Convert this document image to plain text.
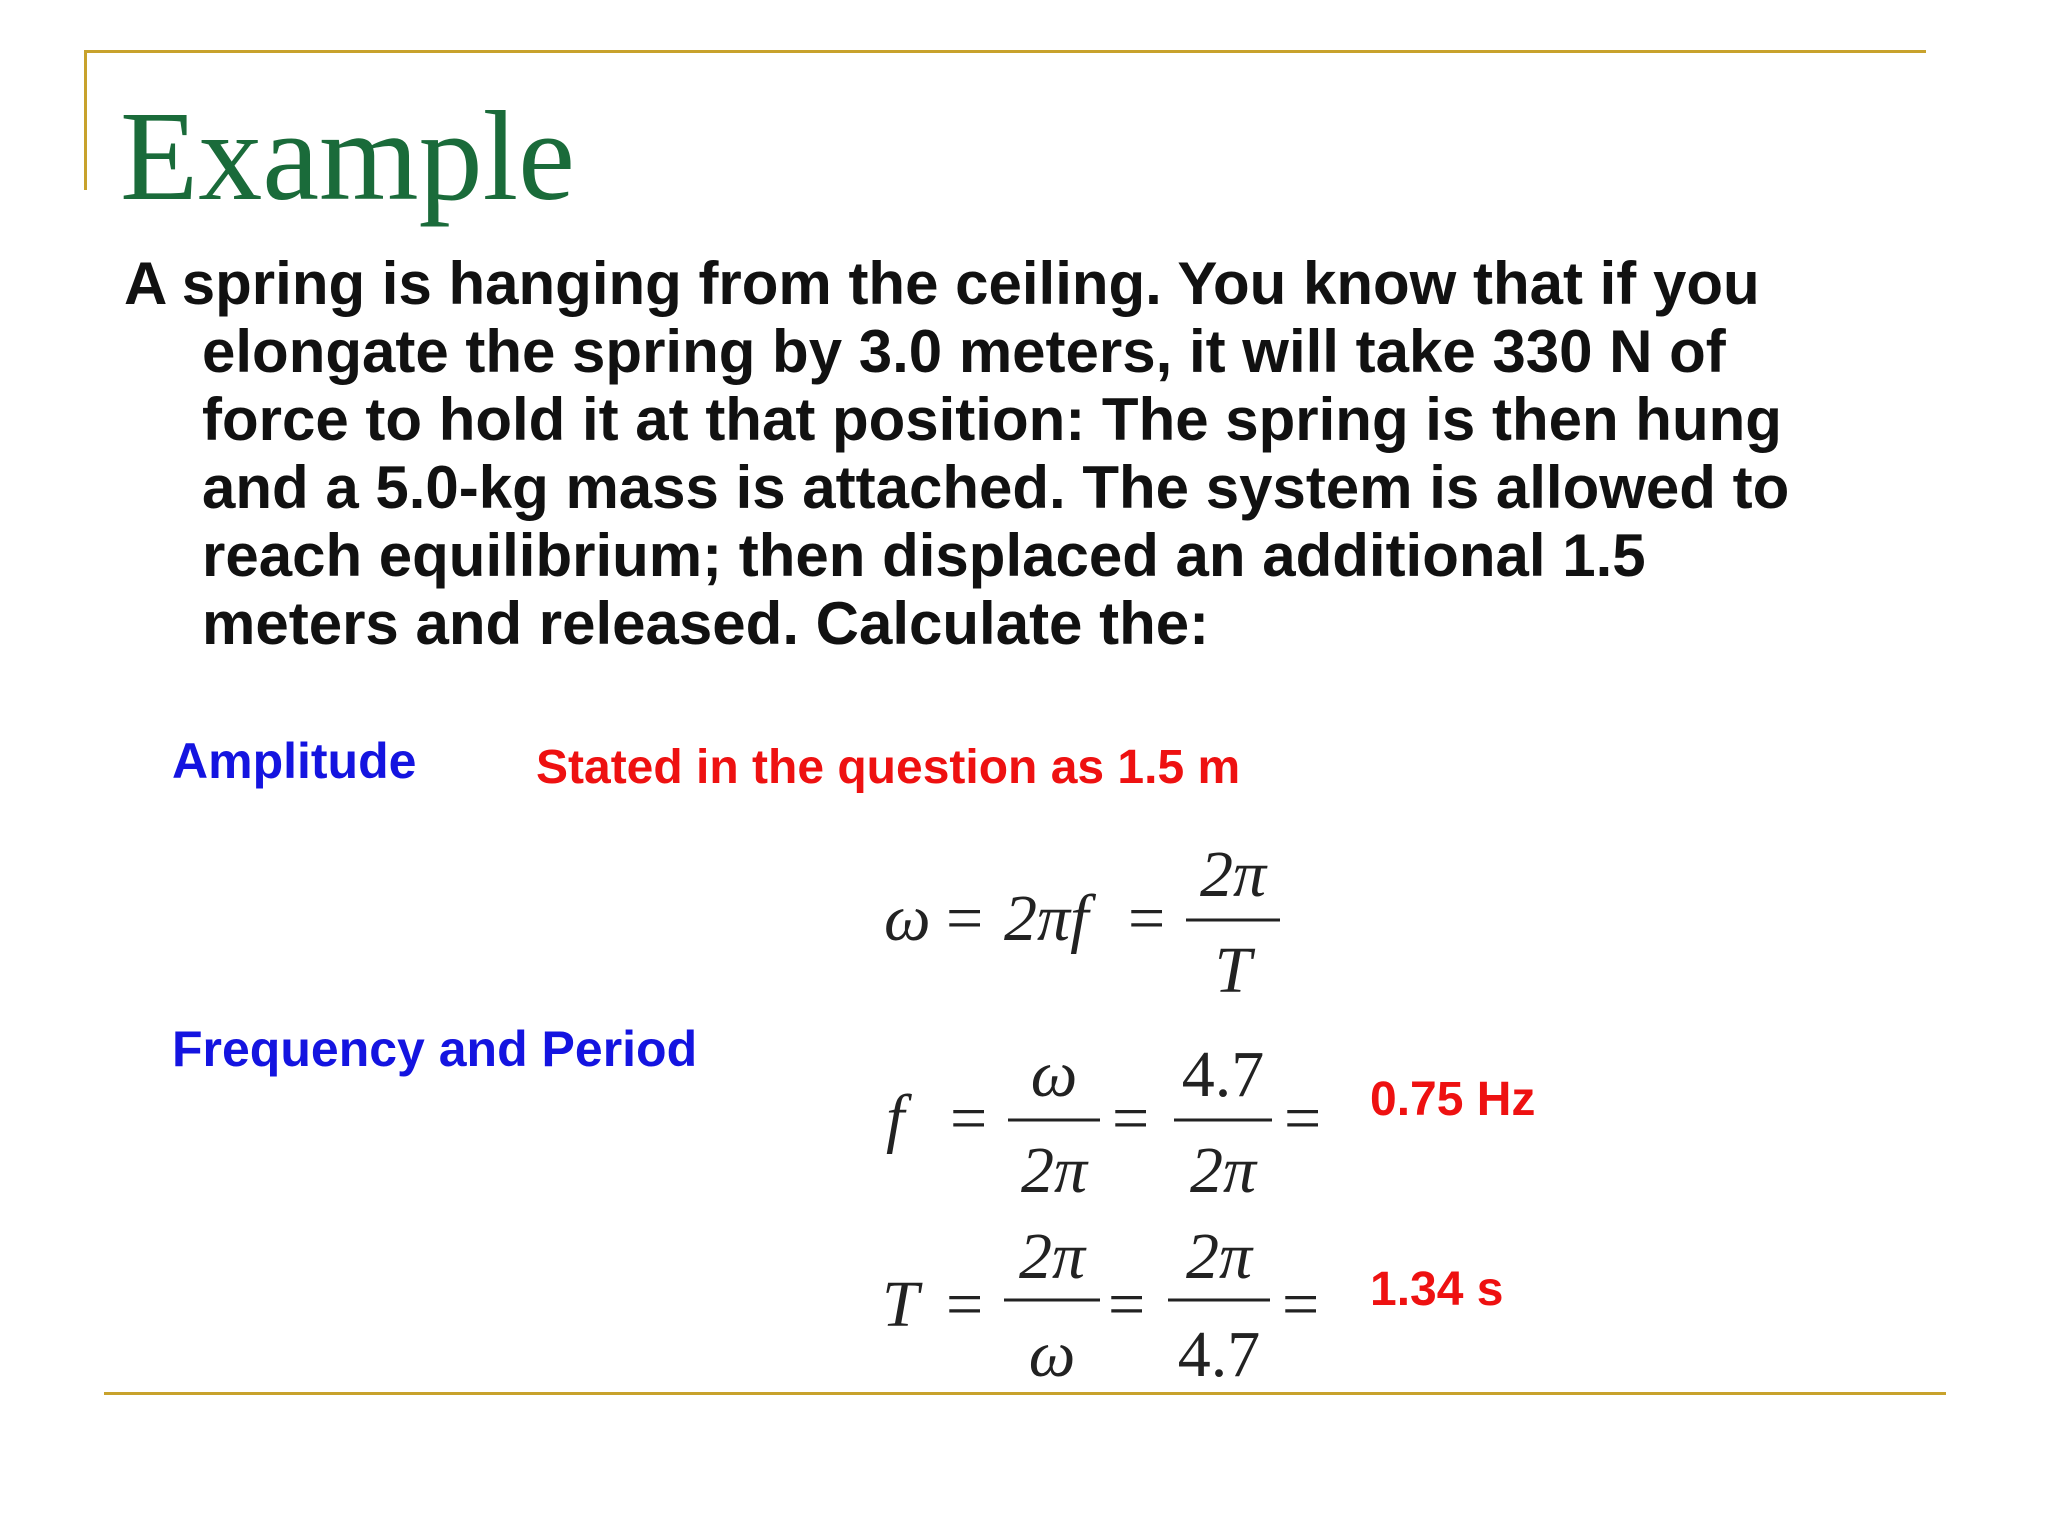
Example
A spring is hanging from the ceiling. You know that if you
elongate the spring by 3.0 meters, it will take 330 N of
force to hold it at that position: The spring is then hung
and a 5.0-kg mass is attached. The system is allowed to
reach equilibrium; then displaced an additional 1.5
meters and released. Calculate the:
Amplitude Stated in the question as 1.5 m
Frequency and Period
ω = 2πf =
2π
T
f =
ω
2π
=
4.7
2π
= 0.75 Hz
T =
2π
ω
=
2π
4.7
= 1.34 s
